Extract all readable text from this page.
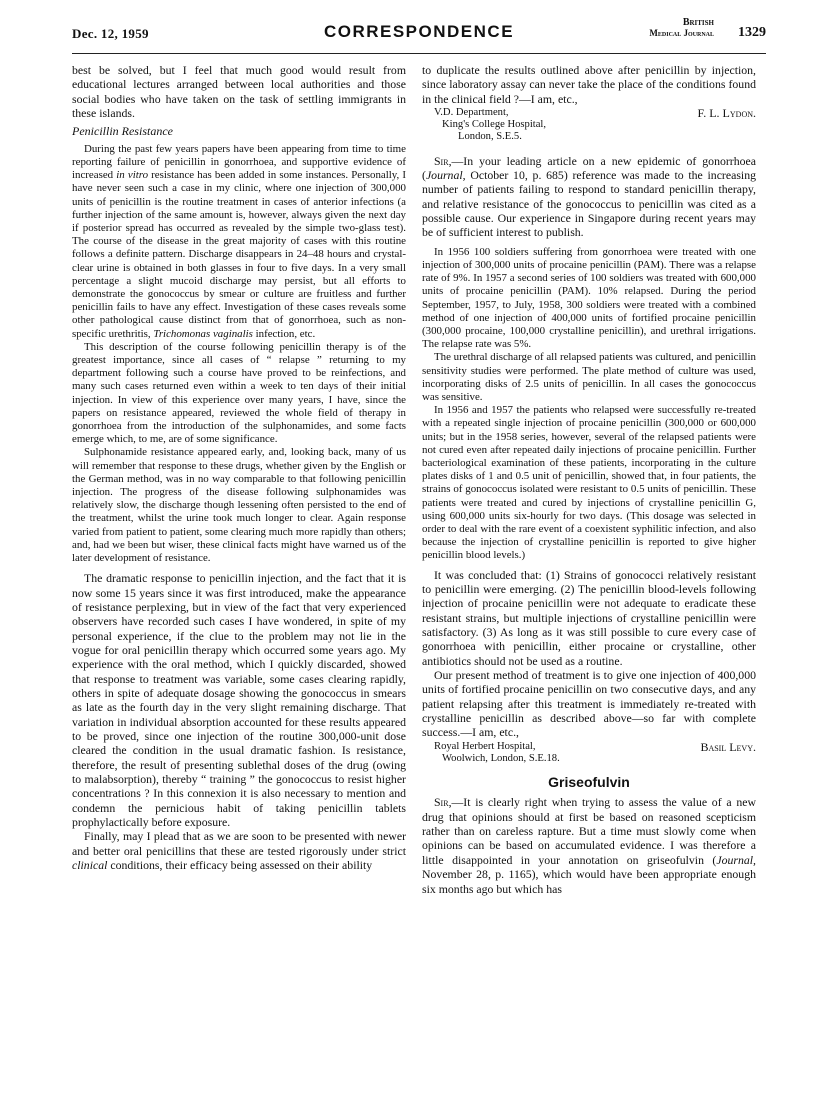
Dec. 12, 1959	CORRESPONDENCE	British
Medical Journal 1329

best be solved, but I feel that much good would result from educational lectures arranged between local authorities and those social bodies who have taken on the task of settling immigrants in these islands.

Penicillin Resistance

During the past few years papers have been appearing from time to time reporting failure of penicillin in gonorrhoea, and supportive evidence of increased in vitro resistance has been added in some instances. Personally, I have never seen such a case in my clinic, where one injection of 300,000 units of penicillin is the routine treatment in cases of anterior infections (a further injection of the same amount is, however, always given the next day if posterior spread has occurred as revealed by the simple two-glass test). The course of the disease in the great majority of cases with this routine follows a definite pattern. Discharge disappears in 24–48 hours and crystal-clear urine is obtained in both glasses in four to five days. In a very small percentage a slight mucoid discharge may persist, but all efforts to demonstrate the gonococcus by smear or culture are fruitless and further penicillin fails to have any effect. Investigation of these cases reveals some other pathological cause distinct from that of gonorrhoea, such as non-specific urethritis, Trichomonas vaginalis infection, etc.

This description of the course following penicillin therapy is of the greatest importance, since all cases of “ relapse ” returning to my department following such a course have proved to be reinfections, and many such cases returned even within a week to ten days of their initial injection. In view of this experience over many years, I have, since the papers on resistance appeared, reviewed the whole field of therapy in gonorrhoea from the introduction of the sulphonamides, and some facts emerge which, to me, are of some significance.

Sulphonamide resistance appeared early, and, looking back, many of us will remember that response to these drugs, whether given by the English or the German method, was in no way comparable to that following penicillin injection. The progress of the disease following sulphonamides was relatively slow, the discharge though lessening often persisted to the end of the treatment, whilst the urine took much longer to clear. Again response varied from patient to patient, some clearing much more rapidly than others; and, had we been but wiser, these clinical facts might have warned us of the later development of resistance.

The dramatic response to penicillin injection, and the fact that it is now some 15 years since it was first introduced, make the appearance of resistance perplexing, but in view of the fact that very experienced observers have recorded such cases I have wondered, in spite of my personal experience, if the clue to the problem may not lie in the vogue for oral penicillin therapy which occurred some years ago. My experience with the oral method, which I quickly discarded, showed that response to treatment was variable, some cases clearing rapidly, others in spite of adequate dosage showing the gonococcus in smears as late as the fourth day in the very slight remaining discharge. That variation in individual absorption accounted for these results appeared to be proved, since one injection of the routine 300,000-unit dose cleared the condition in the usual dramatic fashion. Is resistance, therefore, the result of presenting sublethal doses of the drug (owing to malabsorption), thereby “ training ” the gonococcus to resist higher concentrations ? In this connexion it is also necessary to mention and condemn the pernicious habit of taking penicillin tablets prophylactically before exposure.

Finally, may I plead that as we are soon to be presented with newer and better oral penicillins that these are tested rigorously under strict clinical conditions, their efficacy being assessed on their ability

to duplicate the results outlined above after penicillin by injection, since laboratory assay can never take the place of the conditions found in the clinical field ?—I am, etc.,

V.D. Department,
King's College Hospital,
London, S.E.5.
F. L. Lydon.

Sir,—In your leading article on a new epidemic of gonorrhoea (Journal, October 10, p. 685) reference was made to the increasing number of patients failing to respond to standard penicillin therapy, and relative resistance of the gonococcus to penicillin was cited as a possible cause. Our experience in Singapore during recent years may be of sufficient interest to publish.

In 1956 100 soldiers suffering from gonorrhoea were treated with one injection of 300,000 units of procaine penicillin (PAM). There was a relapse rate of 9%. In 1957 a second series of 100 soldiers was treated with 600,000 units of procaine penicillin (PAM). 10% relapsed. During the period September, 1957, to July, 1958, 300 soldiers were treated with a combined method of one injection of 400,000 units of fortified procaine penicillin (300,000 procaine, 100,000 crystalline penicillin), and urethral irrigations. The relapse rate was 5%.

The urethral discharge of all relapsed patients was cultured, and penicillin sensitivity studies were performed. The plate method of culture was used, incorporating disks of 2.5 units of penicillin. In all cases the gonococcus was sensitive.

In 1956 and 1957 the patients who relapsed were successfully re-treated with a repeated single injection of procaine penicillin (300,000 or 600,000 units; but in the 1958 series, however, several of the relapsed patients were not cured even after repeated daily injections of procaine penicillin. Further bacteriological examination of these patients, incorporating in the culture plates disks of 1 and 0.5 unit of penicillin, showed that, in four patients, the strains of gonococcus isolated were resistant to 0.5 units of penicillin. These patients were treated and cured by injections of crystalline penicillin G, using 600,000 units six-hourly for two days. (This dosage was selected in order to deal with the rare event of a coexistent syphilitic infection, and also because the injection of crystalline penicillin is reported to give higher penicillin blood levels.)

It was concluded that: (1) Strains of gonococci relatively resistant to penicillin were emerging. (2) The penicillin blood-levels following injection of procaine penicillin were not adequate to eradicate these resistant strains, but multiple injections of crystalline penicillin were satisfactory. (3) As long as it was still possible to cure every case of gonorrhoea with penicillin, either procaine or crystalline, other antibiotics should not be used as a routine.

Our present method of treatment is to give one injection of 400,000 units of fortified procaine penicillin on two consecutive days, and any patient relapsing after this treatment is immediately re-treated with crystalline penicillin as described above—so far with complete success.—I am, etc.,

Royal Herbert Hospital,
Woolwich, London, S.E.18.
Basil Levy.
Griseofulvin

Sir,—It is clearly right when trying to assess the value of a new drug that opinions should at first be based on reasoned scepticism rather than on careless rapture. But a time must slowly come when opinions can be based on accumulated evidence. I was therefore a little disappointed in your annotation on griseofulvin (Journal, November 28, p. 1165), which would have been appropriate enough six months ago but which has
